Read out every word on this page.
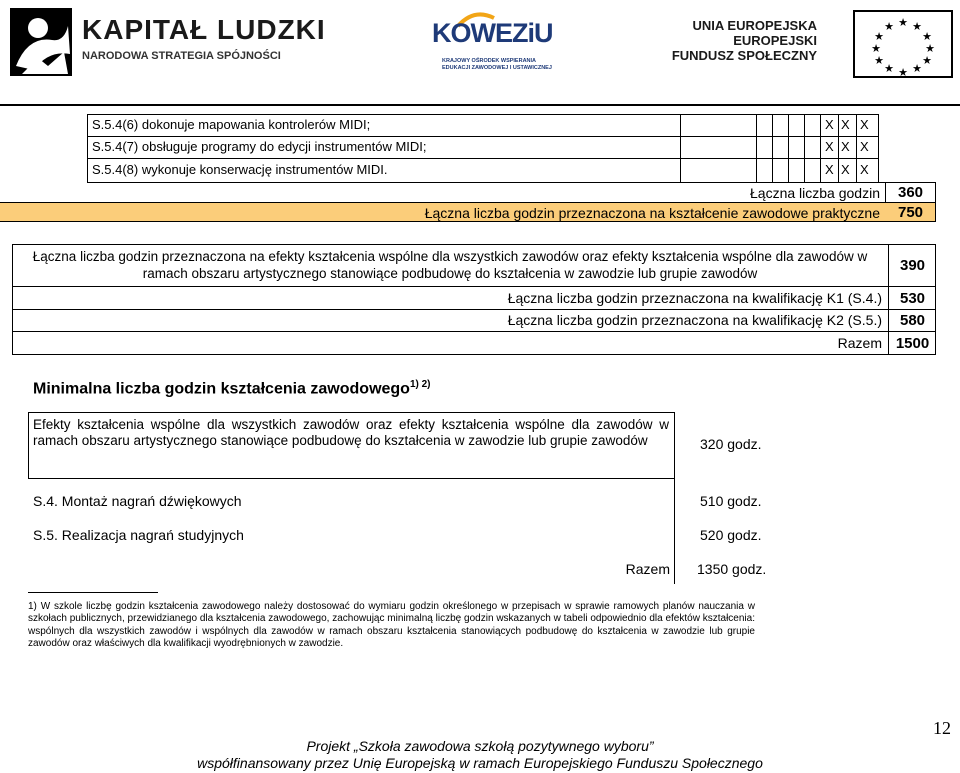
KAPITAŁ LUDZKI
NARODOWA STRATEGIA SPÓJNOŚCI
KOWEZiU
KRAJOWY OŚRODEK WSPIERANIA
EDUKACJI ZAWODOWEJ I USTAWICZNEJ
UNIA EUROPEJSKA
EUROPEJSKI
FUNDUSZ SPOŁECZNY
★ ★
★
★
★
★
★
★
★
★
★
★
S.5.4(6) dokonuje mapowania kontrolerów MIDI;	X X X
S.5.4(7) obsługuje programy do edycji instrumentów MIDI;	X X X
S.5.4(8) wykonuje konserwację instrumentów MIDI.	X X X
Łączna liczba godzin	360
Łączna liczba godzin przeznaczona na kształcenie zawodowe praktyczne	750
Łączna liczba godzin przeznaczona na efekty kształcenia wspólne dla wszystkich zawodów oraz efekty kształcenia wspólne dla zawodów w ramach obszaru artystycznego stanowiące podbudowę do kształcenia w zawodzie lub grupie zawodów	390
Łączna liczba godzin przeznaczona na kwalifikację K1 (S.4.)	530
Łączna liczba godzin przeznaczona na kwalifikację K2 (S.5.)	580
Razem 1500
Minimalna liczba godzin kształcenia zawodowego$^{1) 2)}$
Efekty kształcenia wspólne dla wszystkich zawodów oraz efekty kształcenia wspólne dla zawodów w ramach obszaru artystycznego stanowiące podbudowę do kształcenia w zawodzie lub grupie zawodów	320 godz.
S.4. Montaż nagrań dźwiękowych	510 godz.
S.5. Realizacja nagrań studyjnych	520 godz.
Razem 1350 godz.
1) W szkole liczbę godzin kształcenia zawodowego należy dostosować do wymiaru godzin określonego w przepisach w sprawie ramowych planów nauczania w szkołach publicznych, przewidzianego dla kształcenia zawodowego, zachowując minimalną liczbę godzin wskazanych w tabeli odpowiednio dla efektów kształcenia: wspólnych dla wszystkich zawodów i wspólnych dla zawodów w ramach obszaru kształcenia stanowiących podbudowę do kształcenia w zawodzie lub grupie zawodów oraz właściwych dla kwalifikacji wyodrębnionych w zawodzie.
12
Projekt „Szkoła zawodowa szkołą pozytywnego wyboru”
współfinansowany przez Unię Europejską w ramach Europejskiego Funduszu Społecznego
